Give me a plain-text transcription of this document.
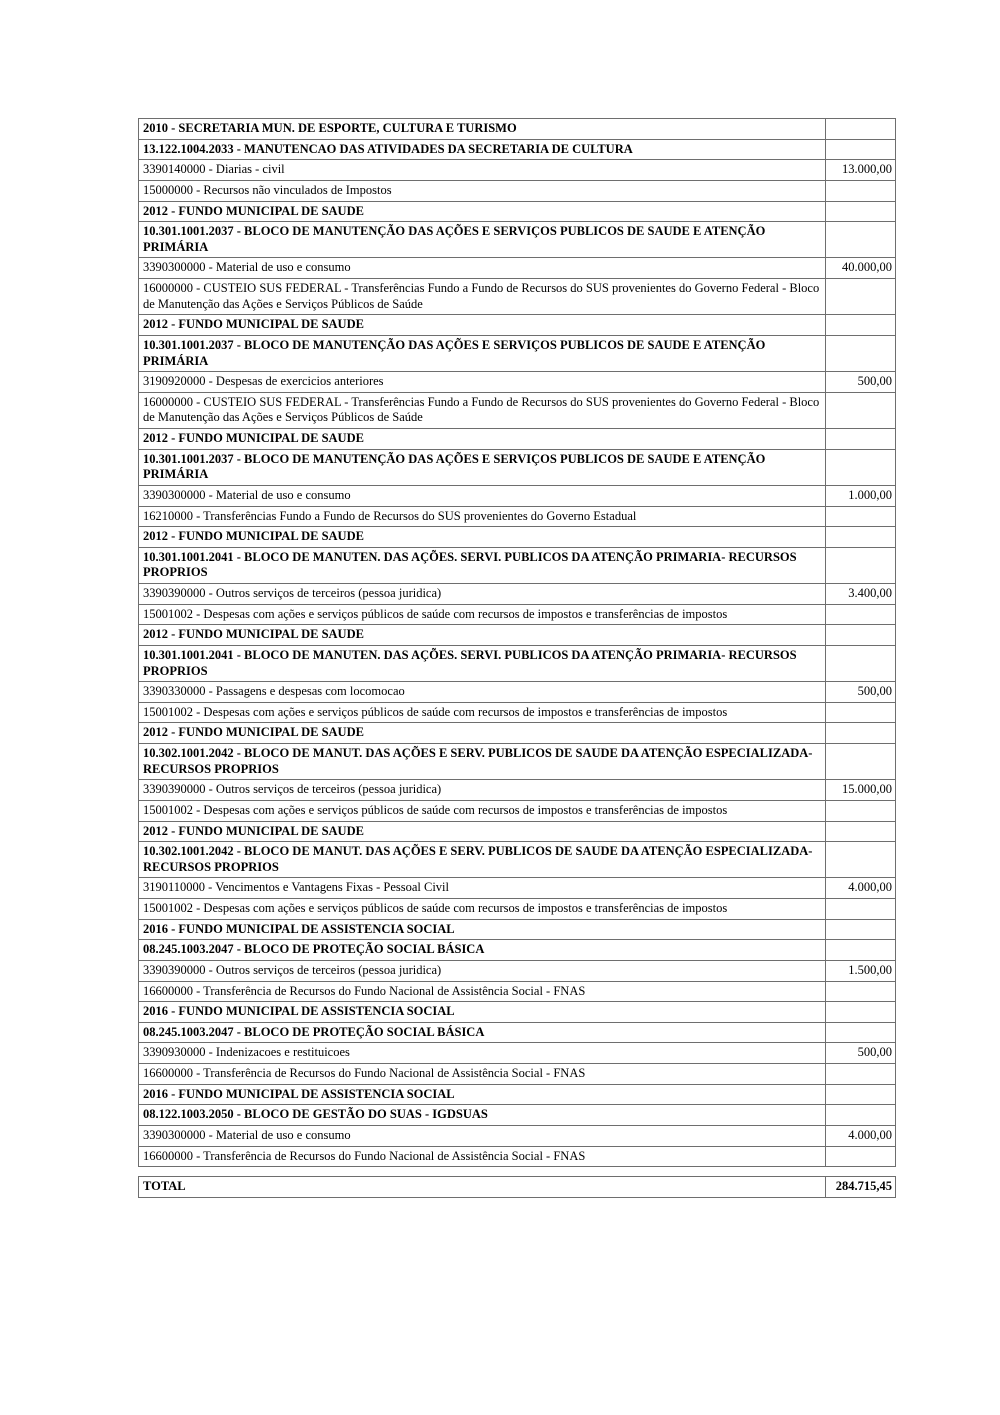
2010 - SECRETARIA MUN. DE ESPORTE, CULTURA E TURISMO	
13.122.1004.2033 - MANUTENCAO DAS ATIVIDADES DA SECRETARIA DE CULTURA	
3390140000 - Diarias - civil	13.000,00
15000000 - Recursos não vinculados de Impostos	
2012 - FUNDO MUNICIPAL DE SAUDE	
10.301.1001.2037 - BLOCO DE MANUTENÇÃO DAS AÇÕES E SERVIÇOS PUBLICOS DE SAUDE E ATENÇÃO PRIMÁRIA	
3390300000 - Material de uso e consumo	40.000,00
16000000 - CUSTEIO SUS FEDERAL - Transferências Fundo a Fundo de Recursos do SUS provenientes do Governo Federal - Bloco de Manutenção das Ações e Serviços Públicos de Saúde	
2012 - FUNDO MUNICIPAL DE SAUDE	
10.301.1001.2037 - BLOCO DE MANUTENÇÃO DAS AÇÕES E SERVIÇOS PUBLICOS DE SAUDE E ATENÇÃO PRIMÁRIA	
3190920000 - Despesas de exercicios anteriores	500,00
16000000 - CUSTEIO SUS FEDERAL - Transferências Fundo a Fundo de Recursos do SUS provenientes do Governo Federal - Bloco de Manutenção das Ações e Serviços Públicos de Saúde	
2012 - FUNDO MUNICIPAL DE SAUDE	
10.301.1001.2037 - BLOCO DE MANUTENÇÃO DAS AÇÕES E SERVIÇOS PUBLICOS DE SAUDE E ATENÇÃO PRIMÁRIA	
3390300000 - Material de uso e consumo	1.000,00
16210000 - Transferências Fundo a Fundo de Recursos do SUS provenientes do Governo Estadual	
2012 - FUNDO MUNICIPAL DE SAUDE	
10.301.1001.2041 - BLOCO DE MANUTEN. DAS AÇÕES. SERVI. PUBLICOS DA ATENÇÃO PRIMARIA- RECURSOS PROPRIOS	
3390390000 - Outros serviços de terceiros (pessoa juridica)	3.400,00
15001002 - Despesas com ações e serviços públicos de saúde com recursos de impostos e transferências de impostos	
2012 - FUNDO MUNICIPAL DE SAUDE	
10.301.1001.2041 - BLOCO DE MANUTEN. DAS AÇÕES. SERVI. PUBLICOS DA ATENÇÃO PRIMARIA- RECURSOS PROPRIOS	
3390330000 - Passagens e despesas com locomocao	500,00
15001002 - Despesas com ações e serviços públicos de saúde com recursos de impostos e transferências de impostos	
2012 - FUNDO MUNICIPAL DE SAUDE	
10.302.1001.2042 - BLOCO DE MANUT. DAS AÇÕES E SERV. PUBLICOS DE SAUDE DA ATENÇÃO ESPECIALIZADA- RECURSOS PROPRIOS	
3390390000 - Outros serviços de terceiros (pessoa juridica)	15.000,00
15001002 - Despesas com ações e serviços públicos de saúde com recursos de impostos e transferências de impostos	
2012 - FUNDO MUNICIPAL DE SAUDE	
10.302.1001.2042 - BLOCO DE MANUT. DAS AÇÕES E SERV. PUBLICOS DE SAUDE DA ATENÇÃO ESPECIALIZADA- RECURSOS PROPRIOS	
3190110000 - Vencimentos e Vantagens Fixas - Pessoal Civil	4.000,00
15001002 - Despesas com ações e serviços públicos de saúde com recursos de impostos e transferências de impostos	
2016 - FUNDO MUNICIPAL DE ASSISTENCIA SOCIAL	
08.245.1003.2047 - BLOCO DE PROTEÇÃO SOCIAL BÁSICA	
3390390000 - Outros serviços de terceiros (pessoa juridica)	1.500,00
16600000 - Transferência de Recursos do Fundo Nacional de Assistência Social - FNAS	
2016 - FUNDO MUNICIPAL DE ASSISTENCIA SOCIAL	
08.245.1003.2047 - BLOCO DE PROTEÇÃO SOCIAL BÁSICA	
3390930000 - Indenizacoes e restituicoes	500,00
16600000 - Transferência de Recursos do Fundo Nacional de Assistência Social - FNAS	
2016 - FUNDO MUNICIPAL DE ASSISTENCIA SOCIAL	
08.122.1003.2050 - BLOCO DE GESTÃO DO SUAS - IGDSUAS	
3390300000 - Material de uso e consumo	4.000,00
16600000 - Transferência de Recursos do Fundo Nacional de Assistência Social - FNAS	
TOTAL	284.715,45
